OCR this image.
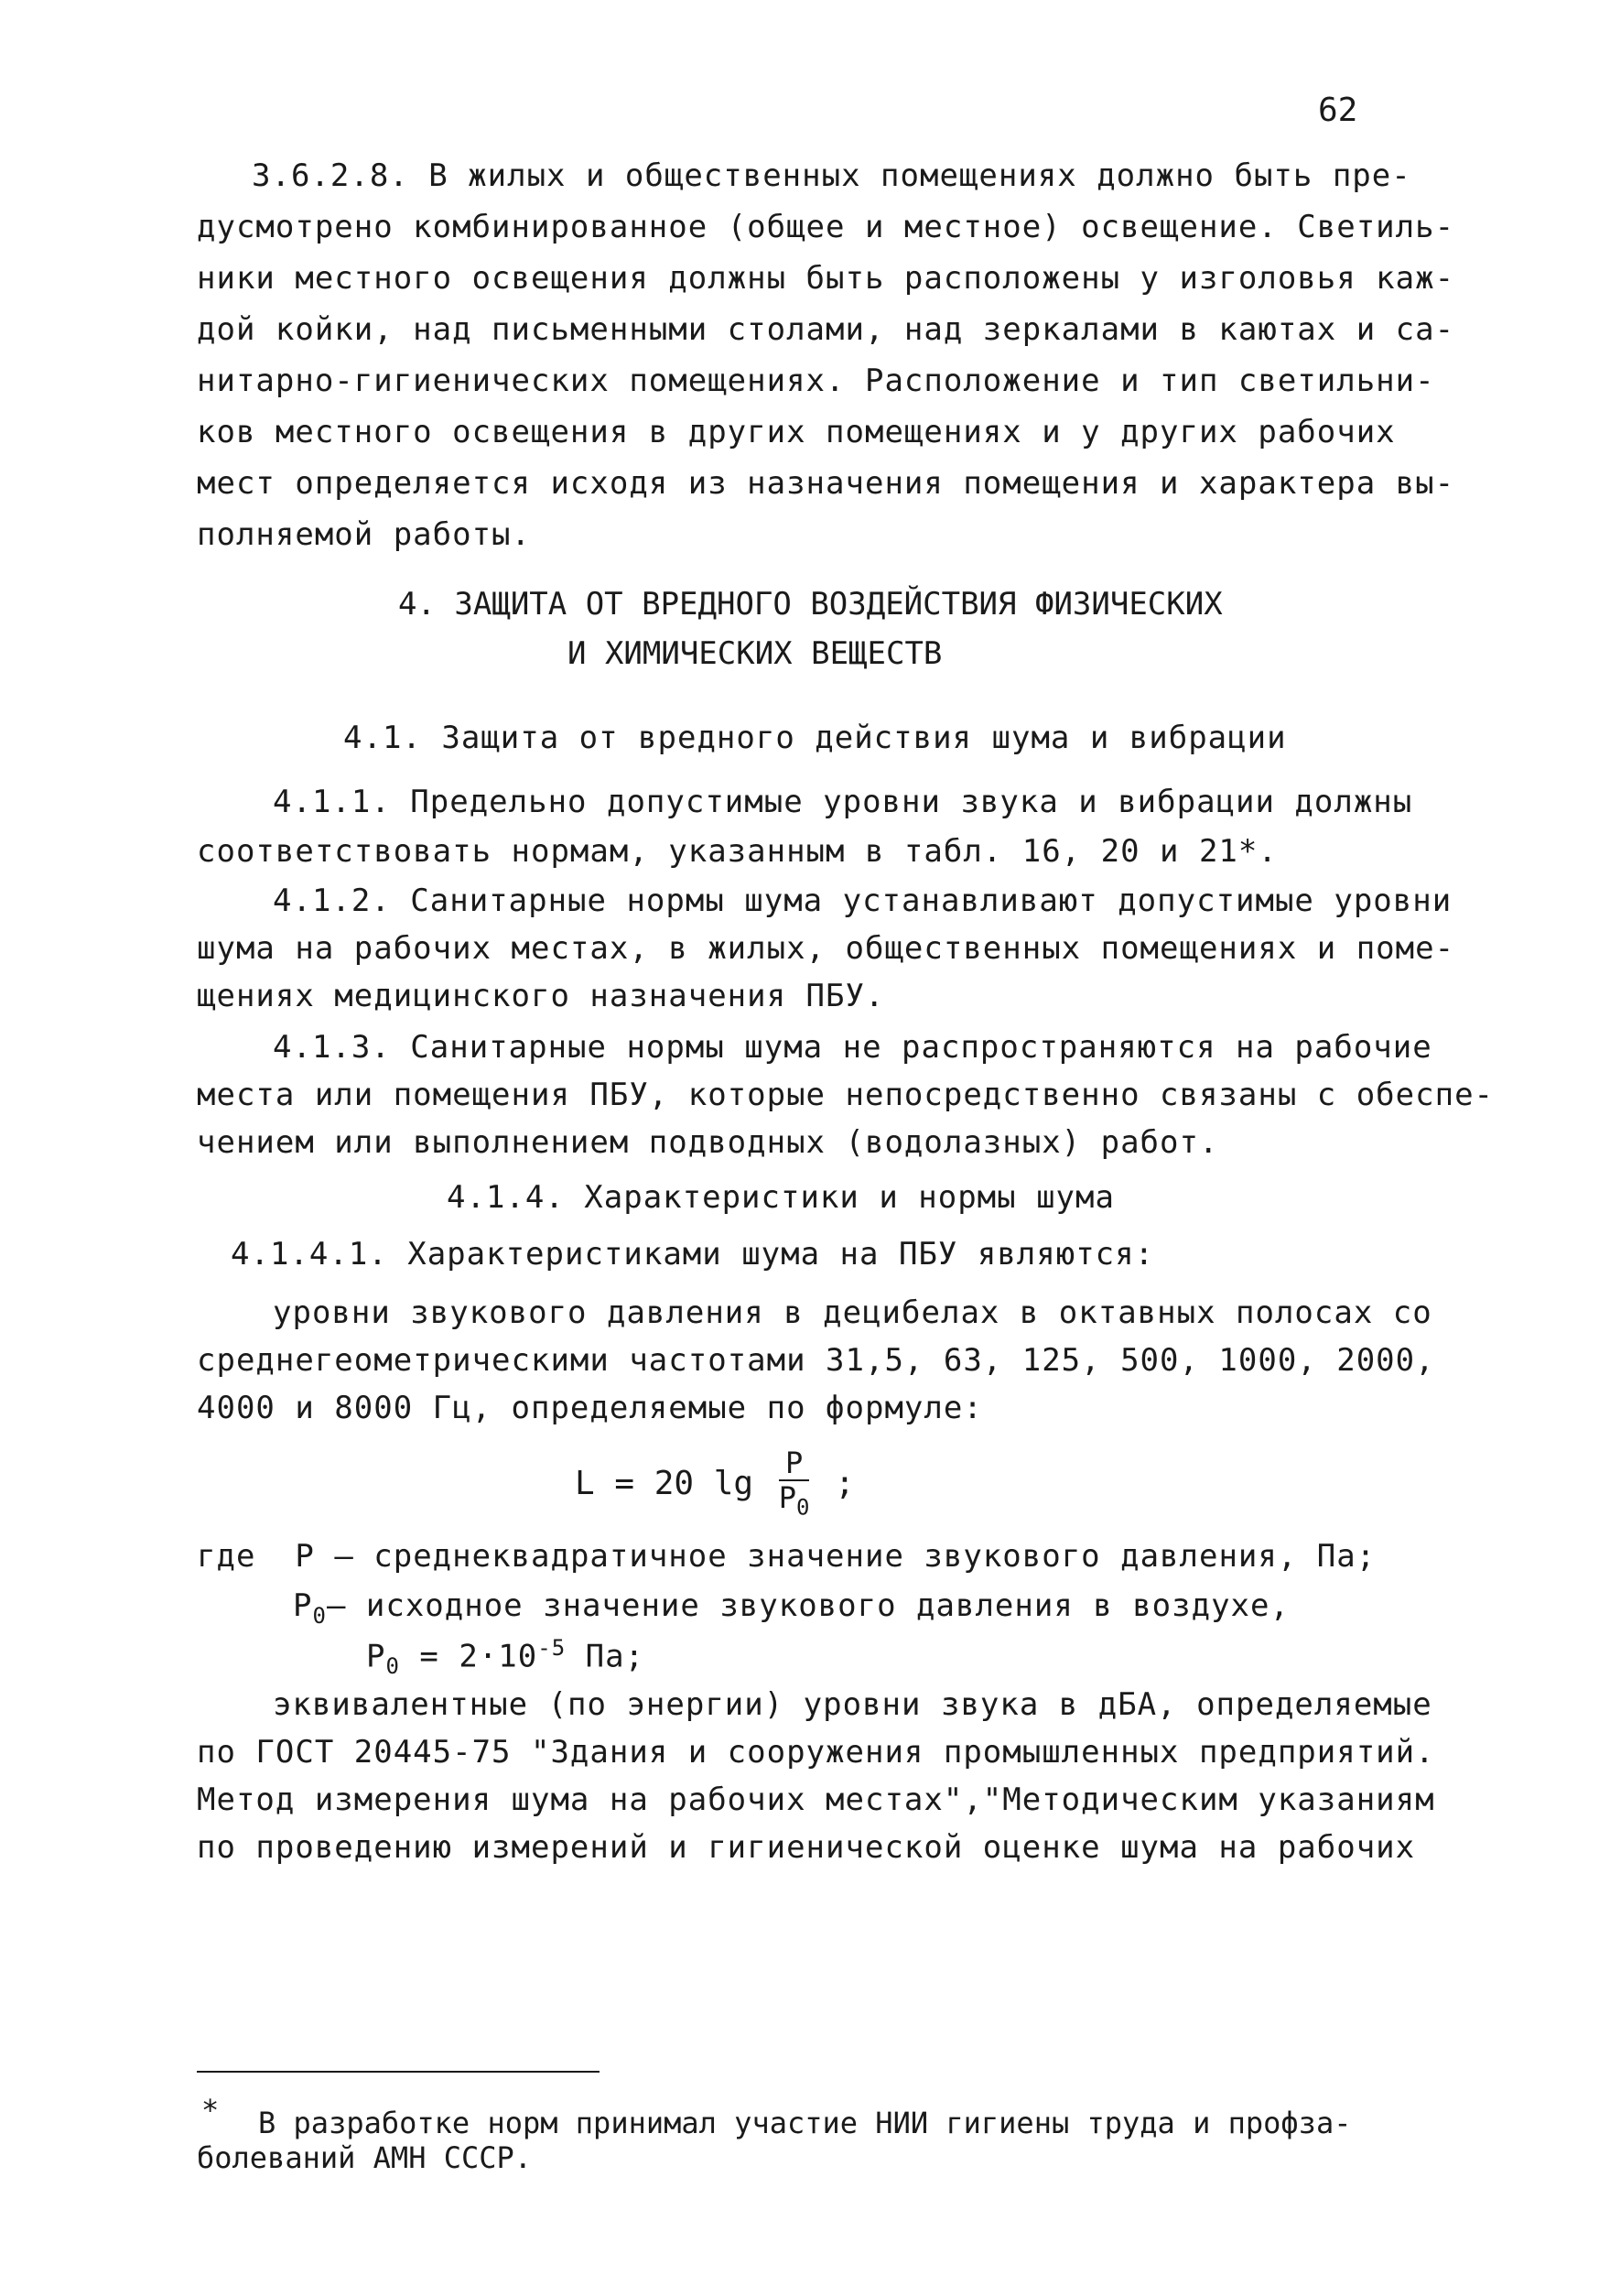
62
3.6.2.8. В жилых и общественных помещениях должно быть пре-
дусмотрено комбинированное (общее и местное) освещение. Светиль-
ники местного освещения должны быть расположены у изголовья каж-
дой койки, над письменными столами, над зеркалами в каютах и са-
нитарно-гигиенических помещениях. Расположение и тип светильни-
ков местного освещения в других помещениях и у других рабочих
мест определяется исходя из назначения помещения и характера вы-
полняемой работы.
4. ЗАЩИТА ОТ ВРЕДНОГО ВОЗДЕЙСТВИЯ ФИЗИЧЕСКИХ
И ХИМИЧЕСКИХ ВЕЩЕСТВ
4.1. Защита от вредного действия шума и вибрации
4.1.1. Предельно допустимые уровни звука и вибрации должны
соответствовать нормам, указанным в табл. 16, 20 и 21*.
4.1.2. Санитарные нормы шума устанавливают допустимые уровни
шума на рабочих местах, в жилых, общественных помещениях и поме-
щениях медицинского назначения ПБУ.
4.1.3. Санитарные нормы шума не распространяются на рабочие
места или помещения ПБУ, которые непосредственно связаны с обеспе-
чением или выполнением подводных (водолазных) работ.
4.1.4. Характеристики и нормы шума
4.1.4.1. Характеристиками шума на ПБУ являются:
уровни звукового давления в децибелах в октавных полосах со
среднегеометрическими частотами 31,5, 63, 125, 500, 1000, 2000,
4000 и 8000 Гц, определяемые по формуле:
L = 20 $\lg \frac{P}{P_0}$ ;
где P – среднеквадратичное значение звукового давления, Па;
$P_0-$ исходное значение звукового давления в воздухе,
$P_0 = 2\cdot 10^{-5}$ Па;
эквивалентные (по энергии) уровни звука в дБА, определяемые
по ГОСТ 20445-75 "Здания и сооружения промышленных предприятий.
Метод измерения шума на рабочих местах","Методическим указаниям
по проведению измерений и гигиенической оценке шума на рабочих
* В разработке норм принимал участие НИИ гигиены труда и профза-
болеваний АМН СССР.
